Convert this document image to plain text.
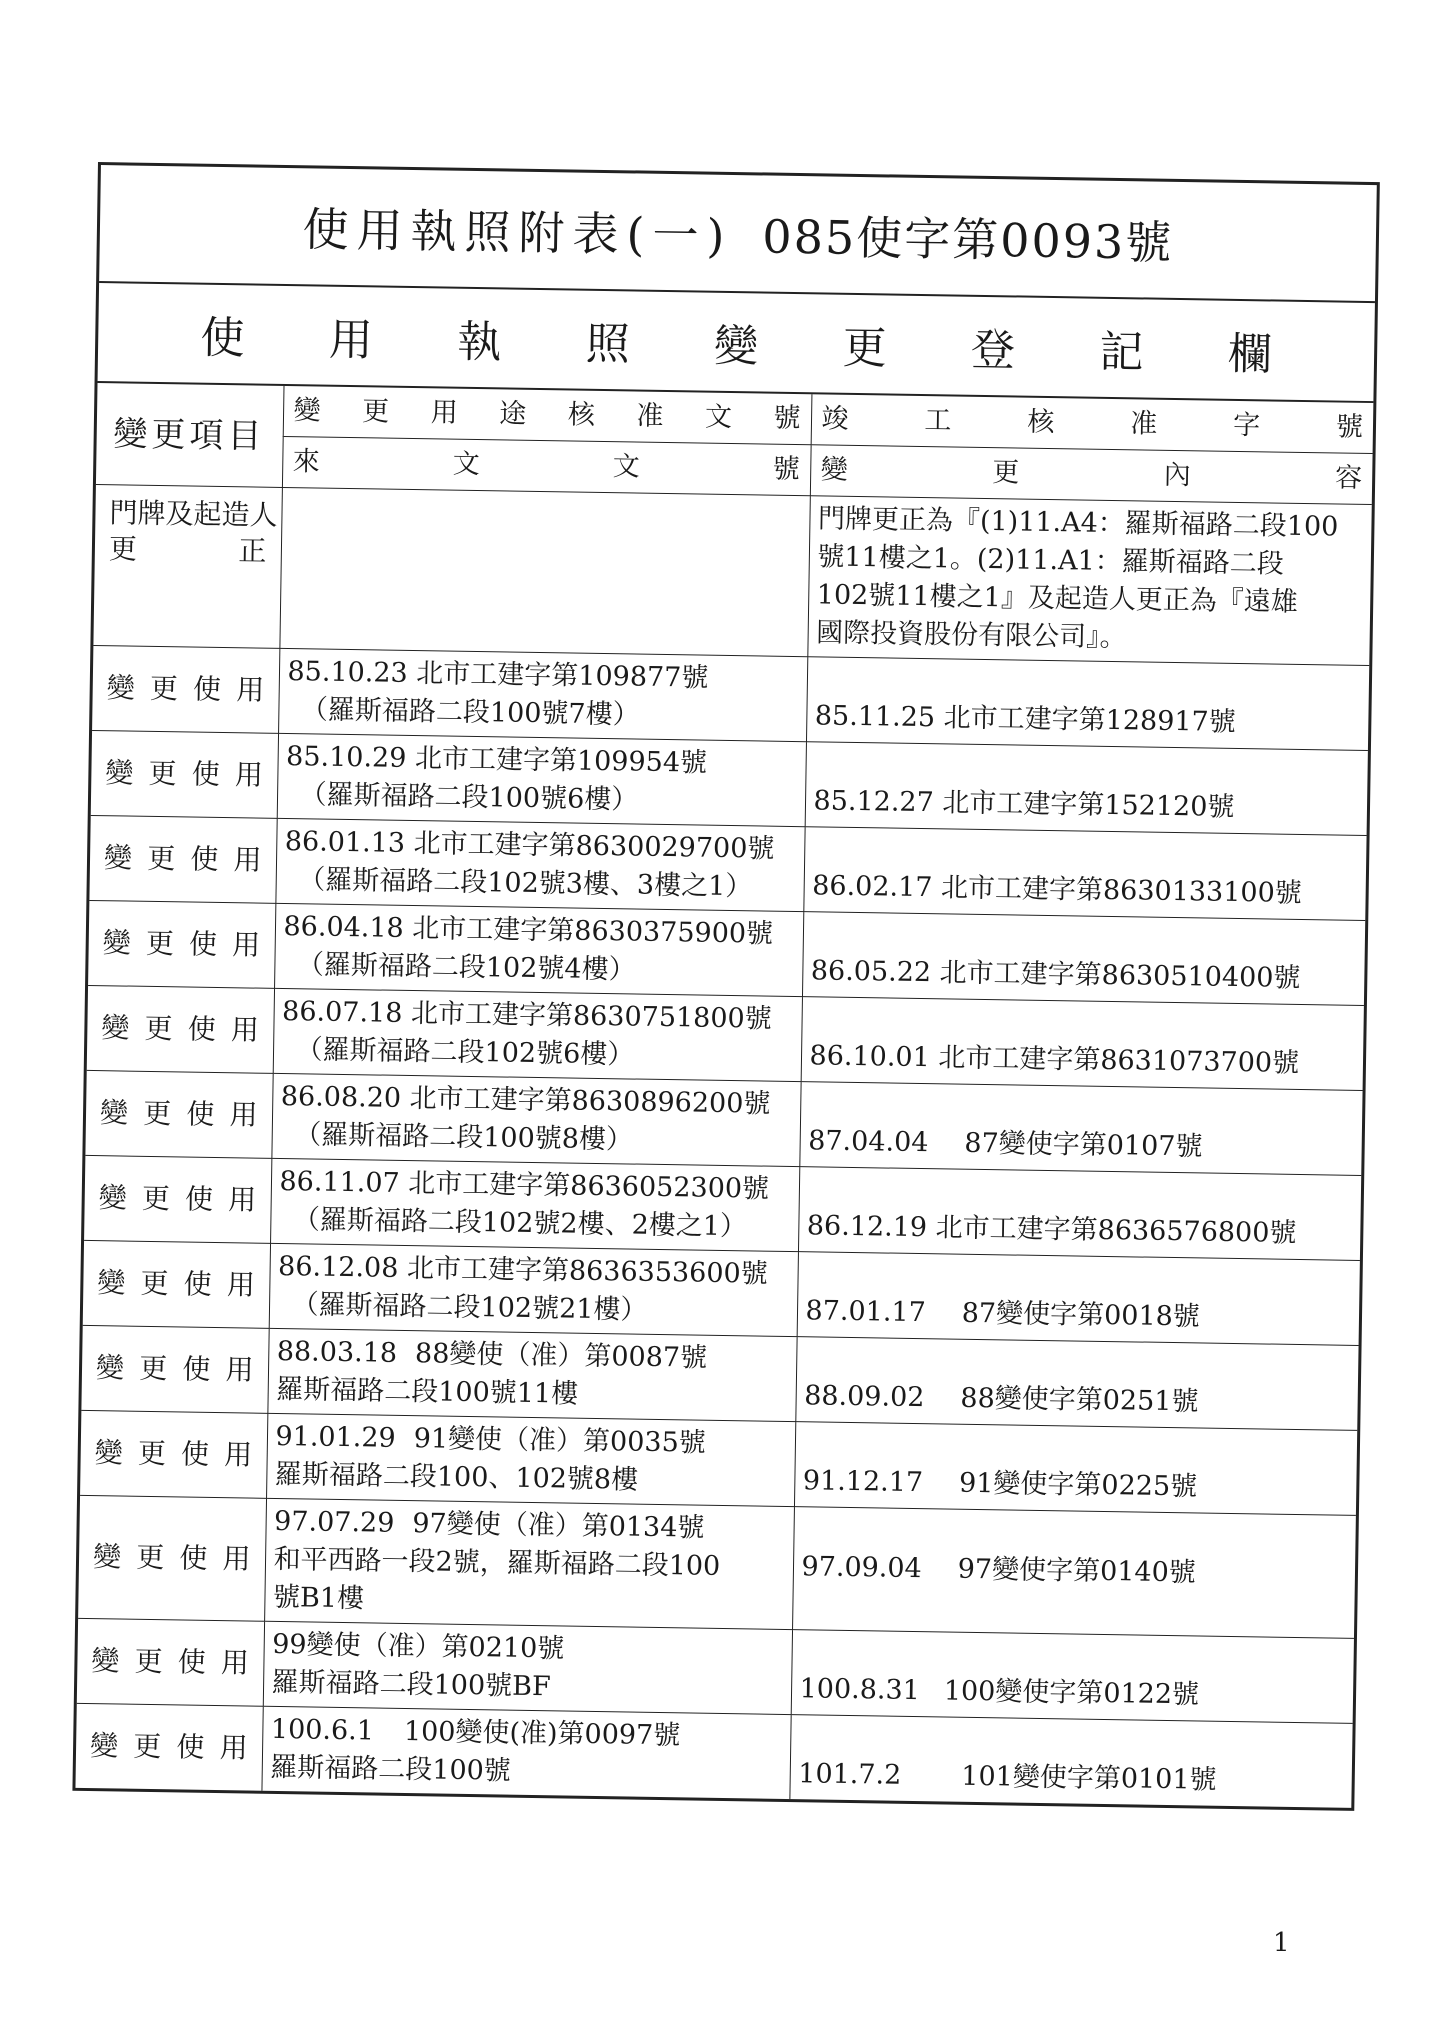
使用執照附表(一) 085使字第0093號
使 用 執 照 變 更 登 記 欄
變更項目	變更用途核准文號	竣工核准字號
	來文文號	變更內容

門牌及起造人
更正		門牌更正為『(1)11.A4：羅斯福路二段100
號11樓之1。(2)11.A1：羅斯福路二段
102號11樓之1』及起造人更正為『遠雄
國際投資股份有限公司』。

變更使用	85.10.23 北市工建字第109877號
（羅斯福路二段100號7樓）	85.11.25 北市工建字第128917號
變更使用	85.10.29 北市工建字第109954號
（羅斯福路二段100號6樓）	85.12.27 北市工建字第152120號
變更使用	86.01.13 北市工建字第8630029700號
（羅斯福路二段102號3樓、3樓之1）	86.02.17 北市工建字第8630133100號
變更使用	86.04.18 北市工建字第8630375900號
（羅斯福路二段102號4樓）	86.05.22 北市工建字第8630510400號
變更使用	86.07.18 北市工建字第8630751800號
（羅斯福路二段102號6樓）	86.10.01 北市工建字第8631073700號
變更使用	86.08.20 北市工建字第8630896200號
（羅斯福路二段100號8樓）	87.04.04 87變使字第0107號
變更使用	86.11.07 北市工建字第8636052300號
（羅斯福路二段102號2樓、2樓之1）	86.12.19 北市工建字第8636576800號
變更使用	86.12.08 北市工建字第8636353600號
（羅斯福路二段102號21樓）	87.01.17 87變使字第0018號
變更使用	88.03.18 88變使（准）第0087號
羅斯福路二段100號11樓	88.09.02 88變使字第0251號
變更使用	91.01.29 91變使（准）第0035號
羅斯福路二段100、102號8樓	91.12.17 91變使字第0225號
變更使用	97.07.29 97變使（准）第0134號
和平西路一段2號，羅斯福路二段100
號B1樓	97.09.04 97變使字第0140號
變更使用	99變使（准）第0210號
羅斯福路二段100號BF	100.8.31 100變使字第0122號
變更使用	100.6.1 100變使(准)第0097號
羅斯福路二段100號	101.7.2 101變使字第0101號
1
